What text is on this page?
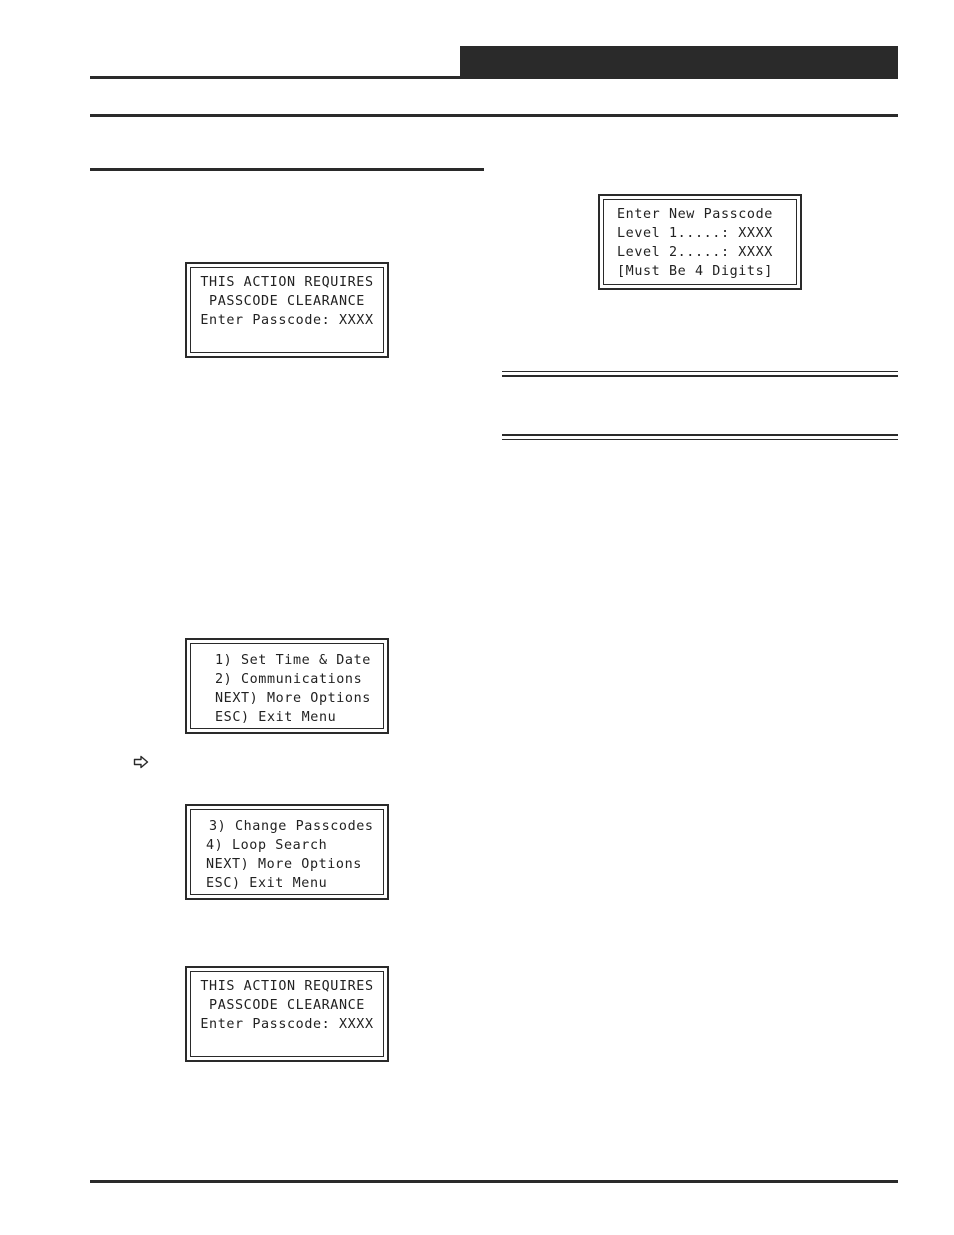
THIS ACTION REQUIRES
PASSCODE CLEARANCE
Enter Passcode: XXXX
1) Set Time & Date
2) Communications
NEXT) More Options
ESC) Exit Menu
3) Change Passcodes
4) Loop Search
NEXT) More Options
ESC) Exit Menu
THIS ACTION REQUIRES
PASSCODE CLEARANCE
Enter Passcode: XXXX
Enter New Passcode
Level 1.....: XXXX
Level 2.....: XXXX
[Must Be 4 Digits]
